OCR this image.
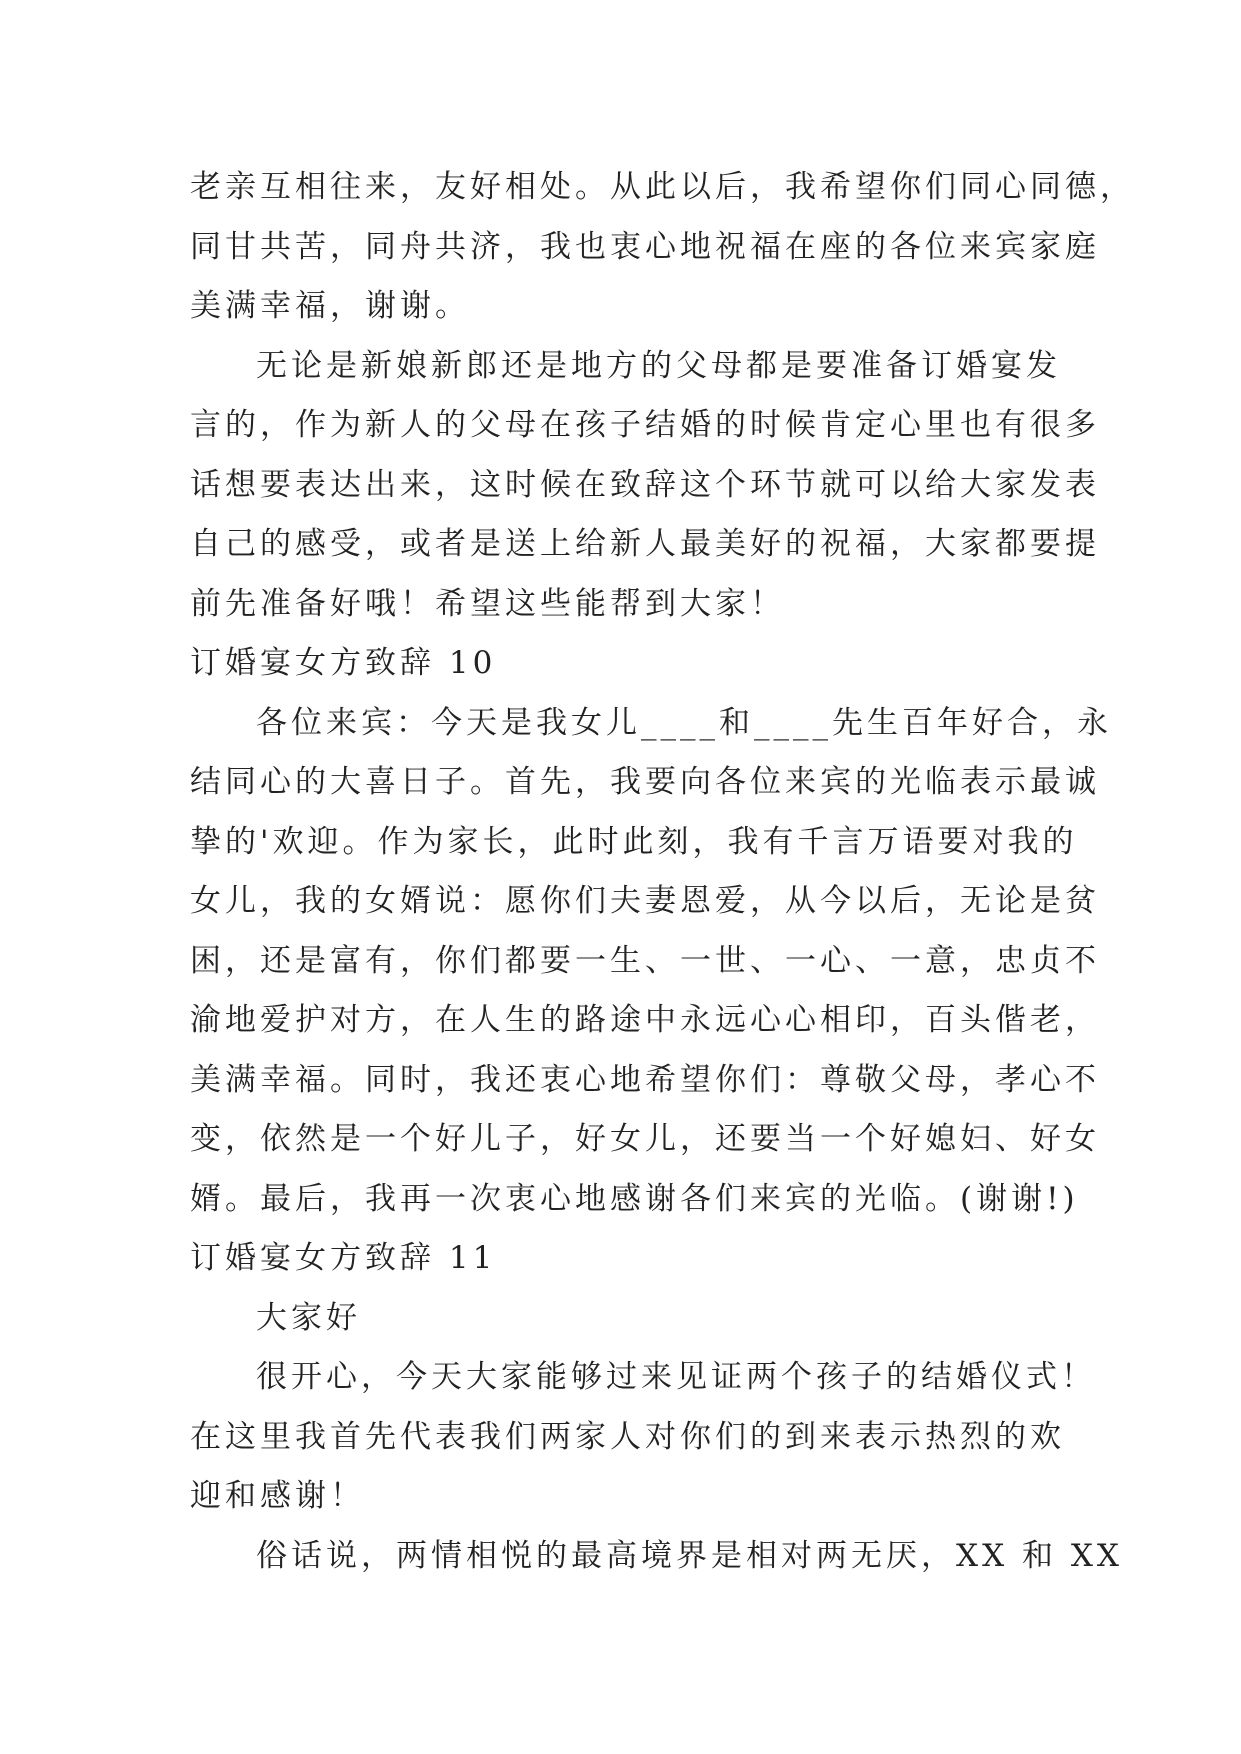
老亲互相往来，友好相处。从此以后，我希望你们同心同德，
同甘共苦，同舟共济，我也衷心地祝福在座的各位来宾家庭
美满幸福，谢谢。
无论是新娘新郎还是地方的父母都是要准备订婚宴发
言的，作为新人的父母在孩子结婚的时候肯定心里也有很多
话想要表达出来，这时候在致辞这个环节就可以给大家发表
自己的感受，或者是送上给新人最美好的祝福，大家都要提
前先准备好哦！希望这些能帮到大家！
订婚宴女方致辞 10
各位来宾：今天是我女儿____和____先生百年好合，永
结同心的大喜日子。首先，我要向各位来宾的光临表示最诚
挚的'欢迎。作为家长，此时此刻，我有千言万语要对我的
女儿，我的女婿说：愿你们夫妻恩爱，从今以后，无论是贫
困，还是富有，你们都要一生、一世、一心、一意，忠贞不
渝地爱护对方，在人生的路途中永远心心相印，百头偕老，
美满幸福。同时，我还衷心地希望你们：尊敬父母，孝心不
变，依然是一个好儿子，好女儿，还要当一个好媳妇、好女
婿。最后，我再一次衷心地感谢各们来宾的光临。(谢谢!)
订婚宴女方致辞 11
大家好
很开心，今天大家能够过来见证两个孩子的结婚仪式！
在这里我首先代表我们两家人对你们的到来表示热烈的欢
迎和感谢！
俗话说，两情相悦的最高境界是相对两无厌，XX 和 XX
